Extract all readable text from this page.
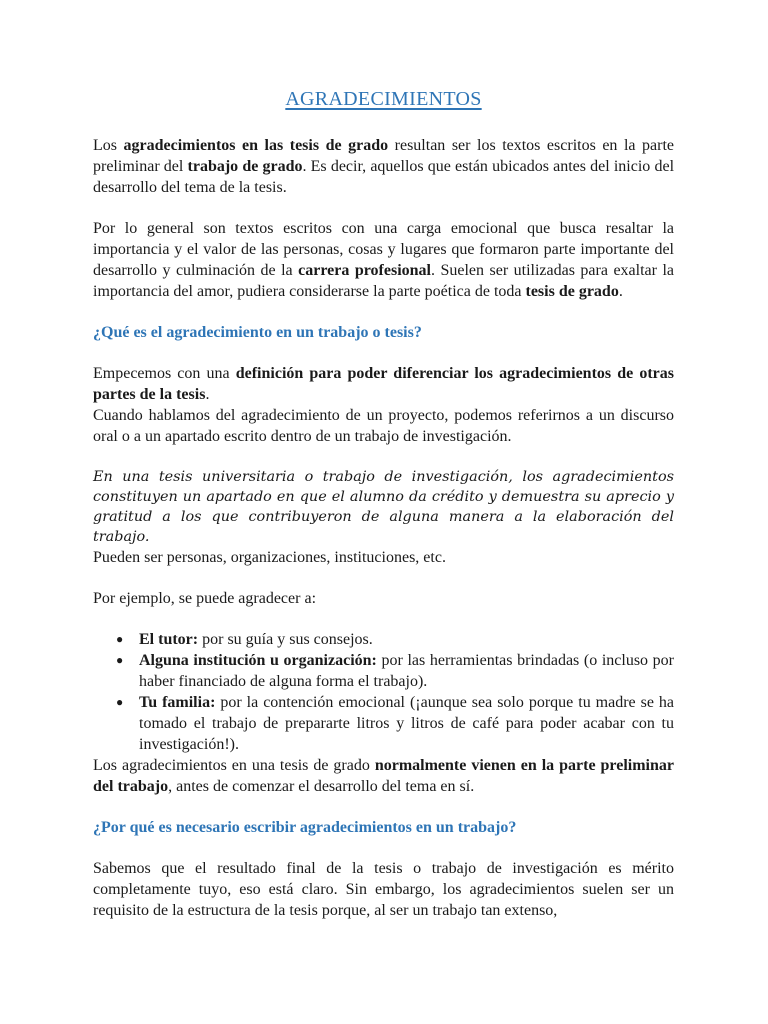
AGRADECIMIENTOS

Los agradecimientos en las tesis de grado resultan ser los textos escritos en la parte preliminar del trabajo de grado. Es decir, aquellos que están ubicados antes del inicio del desarrollo del tema de la tesis.

Por lo general son textos escritos con una carga emocional que busca resaltar la importancia y el valor de las personas, cosas y lugares que formaron parte importante del desarrollo y culminación de la carrera profesional. Suelen ser utilizadas para exaltar la importancia del amor, pudiera considerarse la parte poética de toda tesis de grado.

¿Qué es el agradecimiento en un trabajo o tesis?

Empecemos con una definición para poder diferenciar los agradecimientos de otras partes de la tesis.

Cuando hablamos del agradecimiento de un proyecto, podemos referirnos a un discurso oral o a un apartado escrito dentro de un trabajo de investigación.

En una tesis universitaria o trabajo de investigación, los agradecimientos constituyen un apartado en que el alumno da crédito y demuestra su aprecio y gratitud a los que contribuyeron de alguna manera a la elaboración del trabajo.

Pueden ser personas, organizaciones, instituciones, etc.

Por ejemplo, se puede agradecer a:

● El tutor: por su guía y sus consejos.
● Alguna institución u organización: por las herramientas brindadas (o incluso por haber financiado de alguna forma el trabajo).
● Tu familia: por la contención emocional (¡aunque sea solo porque tu madre se ha tomado el trabajo de prepararte litros y litros de café para poder acabar con tu investigación!).

Los agradecimientos en una tesis de grado normalmente vienen en la parte preliminar del trabajo, antes de comenzar el desarrollo del tema en sí.

¿Por qué es necesario escribir agradecimientos en un trabajo?

Sabemos que el resultado final de la tesis o trabajo de investigación es mérito completamente tuyo, eso está claro. Sin embargo, los agradecimientos suelen ser un requisito de la estructura de la tesis porque, al ser un trabajo tan extenso,
